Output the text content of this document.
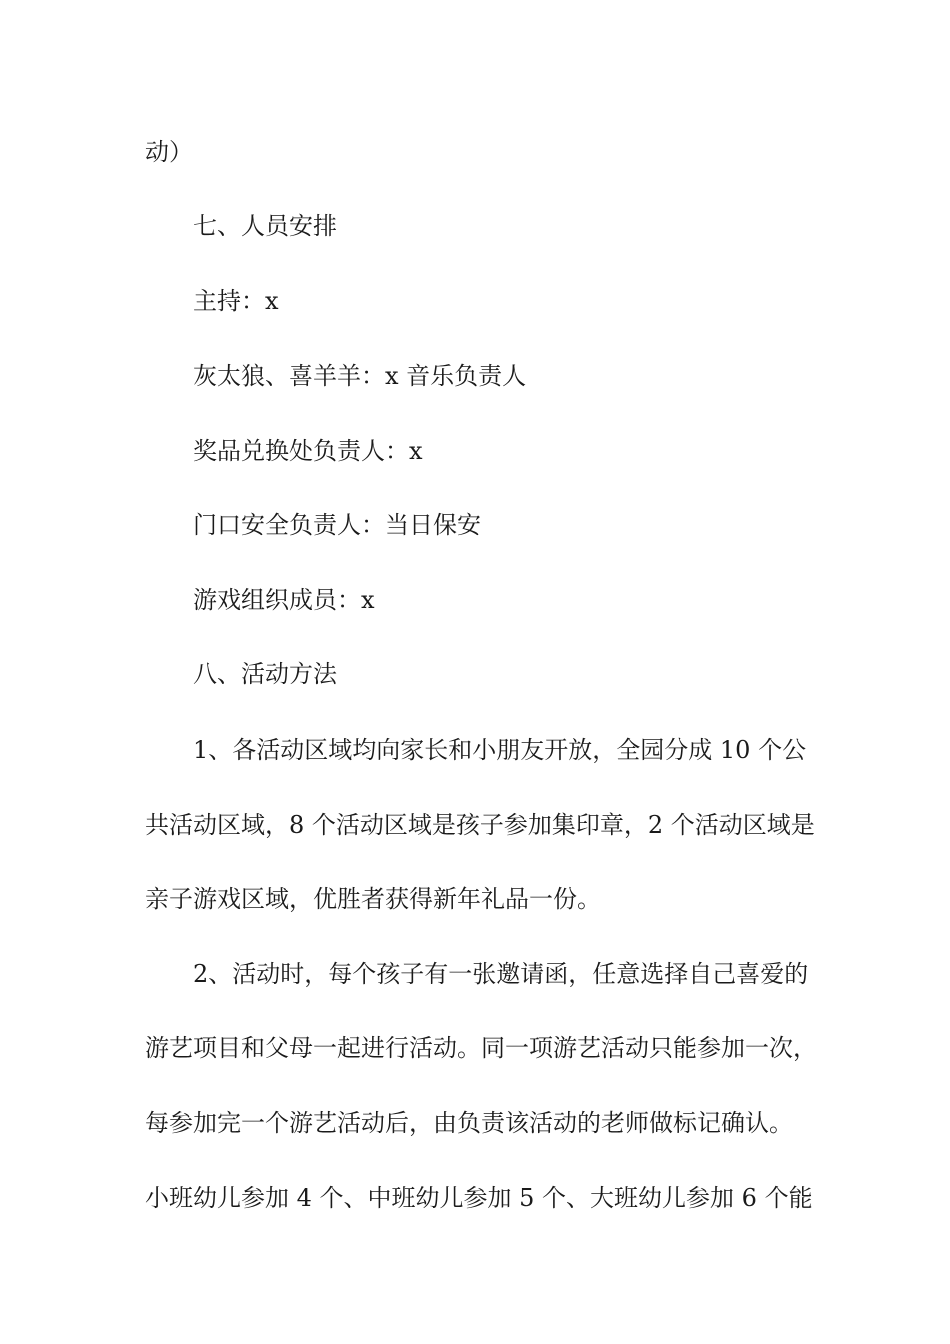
动）
七、人员安排
主持：x
灰太狼、喜羊羊：x 音乐负责人
奖品兑换处负责人：x
门口安全负责人：当日保安
游戏组织成员：x
八、活动方法
1、各活动区域均向家长和小朋友开放，全园分成 10 个公
共活动区域，8 个活动区域是孩子参加集印章，2 个活动区域是
亲子游戏区域，优胜者获得新年礼品一份。
2、活动时，每个孩子有一张邀请函，任意选择自己喜爱的
游艺项目和父母一起进行活动。同一项游艺活动只能参加一次，
每参加完一个游艺活动后，由负责该活动的老师做标记确认。
小班幼儿参加 4 个、中班幼儿参加 5 个、大班幼儿参加 6 个能
